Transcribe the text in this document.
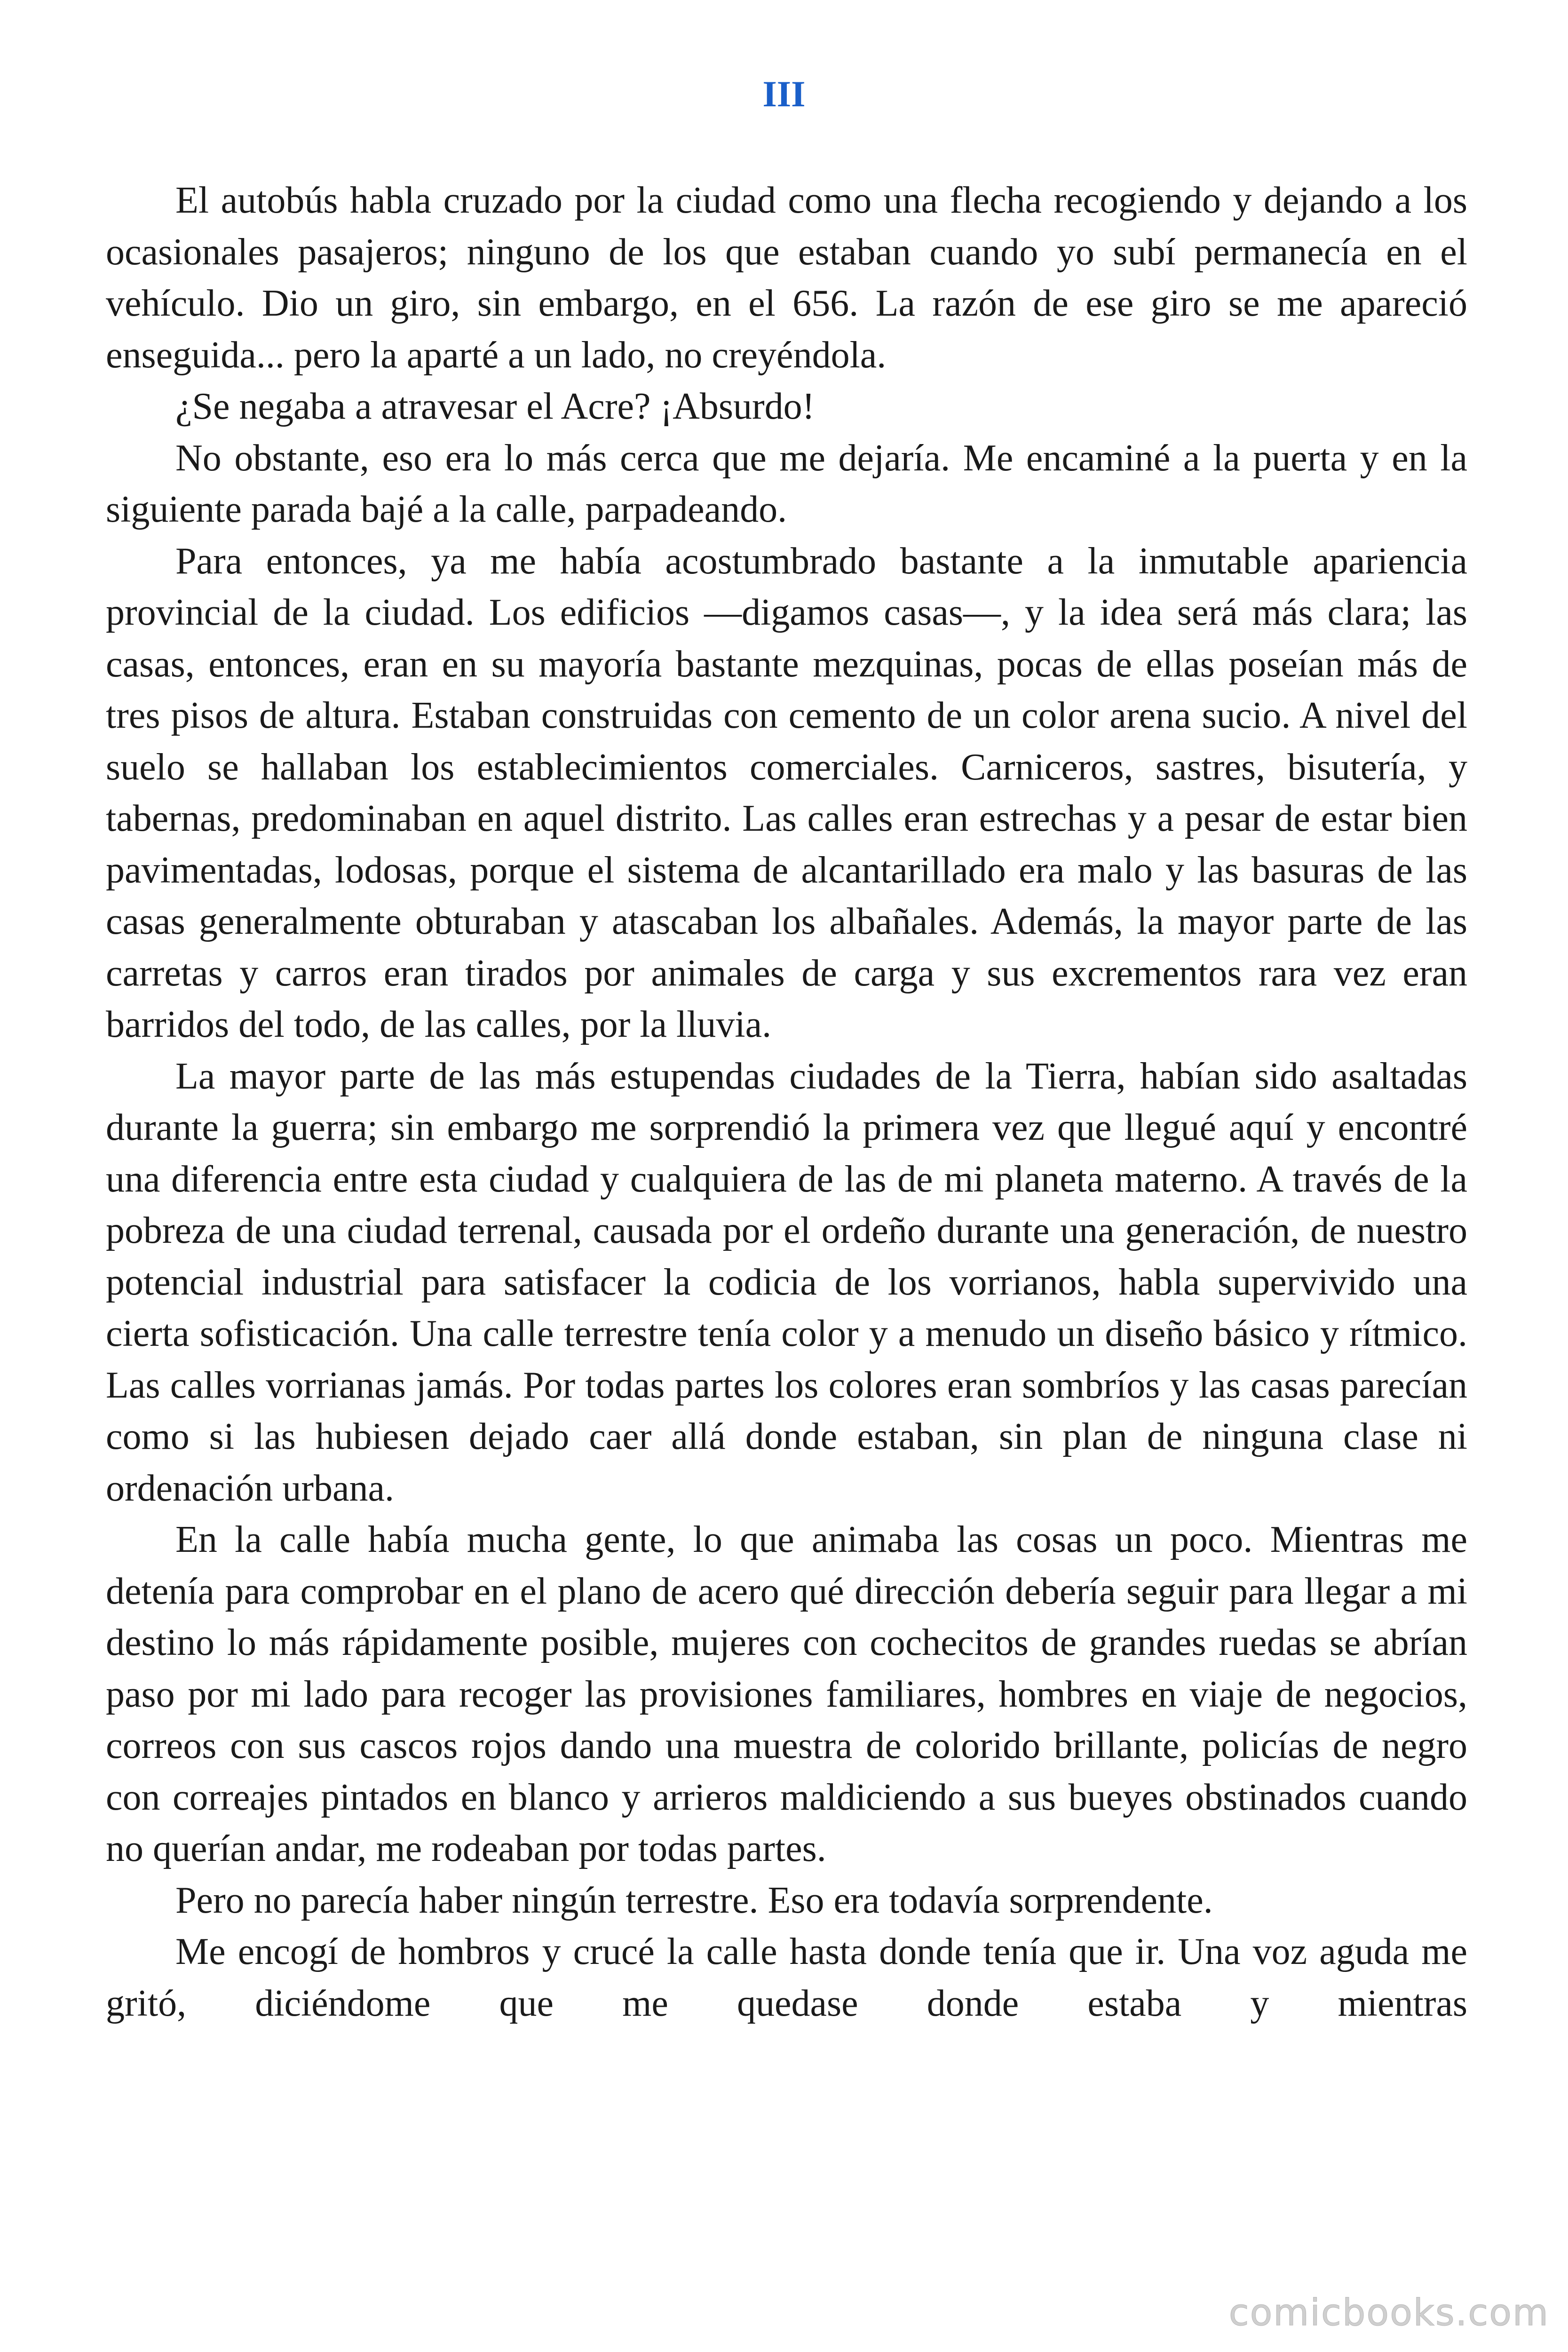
III

El autobús habla cruzado por la ciudad como una flecha recogiendo y dejando a los ocasionales pasajeros; ninguno de los que estaban cuando yo subí permanecía en el vehículo. Dio un giro, sin embargo, en el 656. La razón de ese giro se me apareció enseguida... pero la aparté a un lado, no creyéndola.

¿Se negaba a atravesar el Acre? ¡Absurdo!

No obstante, eso era lo más cerca que me dejaría. Me encaminé a la puerta y en la siguiente parada bajé a la calle, parpadeando.

Para entonces, ya me había acostumbrado bastante a la inmutable apariencia provincial de la ciudad. Los edificios —digamos casas—, y la idea será más clara; las casas, entonces, eran en su mayoría bastante mezquinas, pocas de ellas poseían más de tres pisos de altura. Estaban construidas con cemento de un color arena sucio. A nivel del suelo se hallaban los establecimientos comerciales. Carniceros, sastres, bisutería, y tabernas, predominaban en aquel distrito. Las calles eran estrechas y a pesar de estar bien pavimentadas, lodosas, porque el sistema de alcantarillado era malo y las basuras de las casas generalmente obturaban y atascaban los albañales. Además, la mayor parte de las carretas y carros eran tirados por animales de carga y sus excrementos rara vez eran barridos del todo, de las calles, por la lluvia.

La mayor parte de las más estupendas ciudades de la Tierra, habían sido asaltadas durante la guerra; sin embargo me sorprendió la primera vez que llegué aquí y encontré una diferencia entre esta ciudad y cualquiera de las de mi planeta materno. A través de la pobreza de una ciudad terrenal, causada por el ordeño durante una generación, de nuestro potencial industrial para satisfacer la codicia de los vorrianos, habla supervivido una cierta sofisticación. Una calle terrestre tenía color y a menudo un diseño básico y rítmico. Las calles vorrianas jamás. Por todas partes los colores eran sombríos y las casas parecían como si las hubiesen dejado caer allá donde estaban, sin plan de ninguna clase ni ordenación urbana.

En la calle había mucha gente, lo que animaba las cosas un poco. Mientras me detenía para comprobar en el plano de acero qué dirección debería seguir para llegar a mi destino lo más rápidamente posible, mujeres con cochecitos de grandes ruedas se abrían paso por mi lado para recoger las provisiones familiares, hombres en viaje de negocios, correos con sus cascos rojos dando una muestra de colorido brillante, policías de negro con correajes pintados en blanco y arrieros maldiciendo a sus bueyes obstinados cuando no querían andar, me rodeaban por todas partes.

Pero no parecía haber ningún terrestre. Eso era todavía sorprendente.

Me encogí de hombros y crucé la calle hasta donde tenía que ir. Una voz aguda me gritó, diciéndome que me quedase donde estaba y mientras

comicbooks.com
